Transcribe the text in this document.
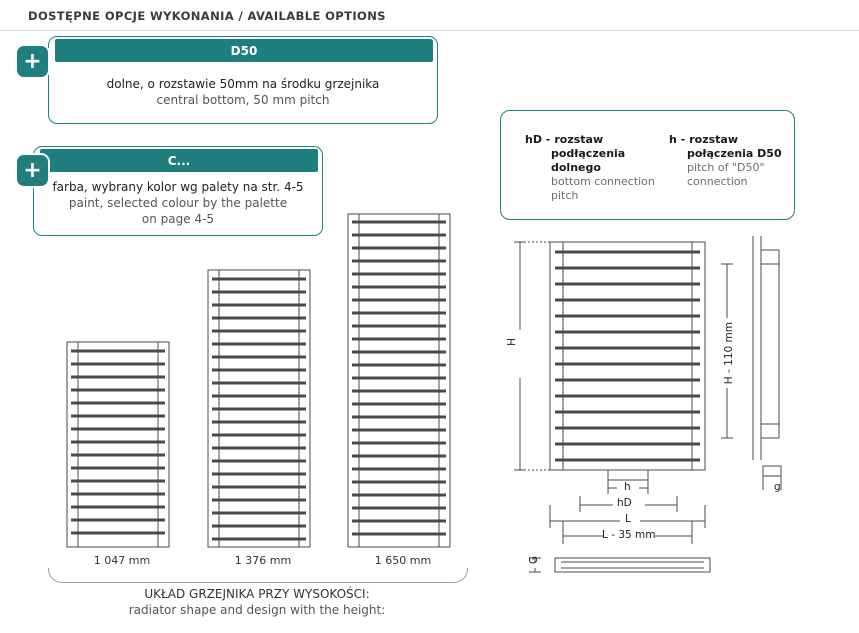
DOSTĘPNE OPCJE WYKONANIA / AVAILABLE OPTIONS
D50
dolne, o rozstawie 50mm na środku grzejnika
central bottom, 50 mm pitch
+
C...
farba, wybrany kolor wg palety na str. 4-5
paint, selected colour by the palette
on page 4-5
+
hD - rozstaw
podłączenia
dolnego
bottom connection
pitch
h - rozstaw
połączenia D50
pitch of "D50"
connection
1 047 mm	1 376 mm	1 650 mm
UKŁAD GRZEJNIKA PRZY WYSOKOŚCI:
radiator shape and design with the height:
H	H - 110 mm
h
hD
L
L - 35 mm
G
g
